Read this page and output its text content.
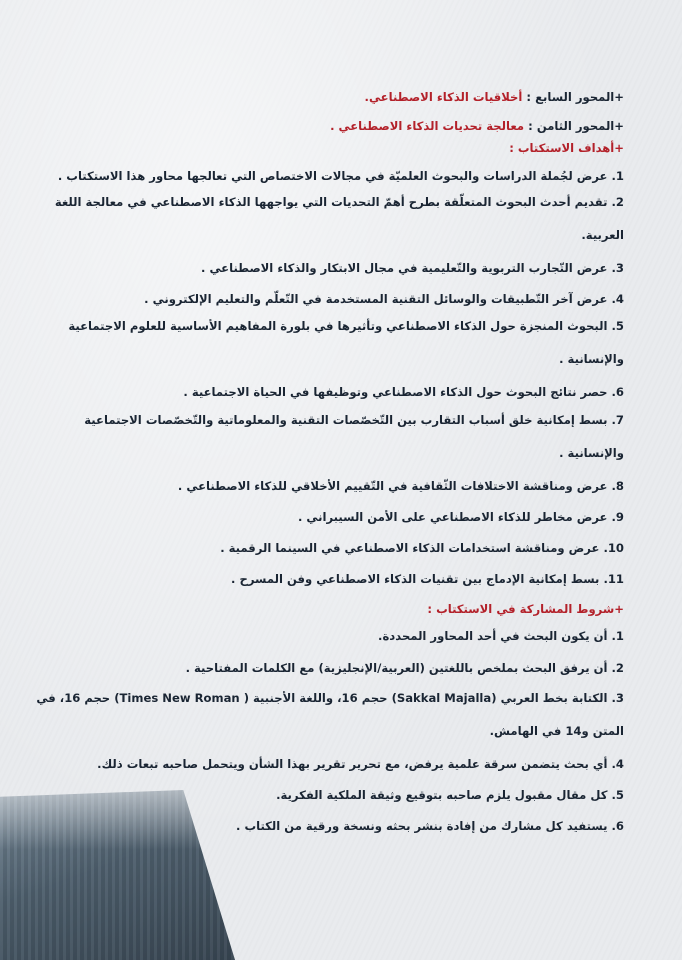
+المحور السابع : أخلاقيات الذكاء الاصطناعي.
+المحور الثامن : معالجة تحديات الذكاء الاصطناعي .
+أهداف الاستكتاب :
1. عرض لجُملة الدراسات والبحوث العلميّة في مجالات الاختصاص التي تعالجها محاور هذا الاستكتاب .
2. تقديم أحدث البحوث المتعلّقة بطرح أهمّ التحديات التي يواجهها الذكاء الاصطناعي في معالجة اللغة العربية.
3. عرض التّجارب التربوية والتّعليمية في مجال الابتكار والذكاء الاصطناعي .
4. عرض آخر التّطبيقات والوسائل التقنية المستخدمة في التّعلّم والتعليم الإلكتروني .
5. البحوث المنجزة حول الذكاء الاصطناعي وتأثيرها في بلورة المفاهيم الأساسية للعلوم الاجتماعية والإنسانية .
6. حصر نتائج البحوث حول الذكاء الاصطناعي وتوظيفها في الحياة الاجتماعية .
7. بسط إمكانية خلق أسباب التقارب بين التّخصّصات التقنية والمعلوماتية والتّخصّصات الاجتماعية والإنسانية .
8. عرض ومناقشة الاختلافات الثّقافية في التّقييم الأخلاقي للذكاء الاصطناعي .
9. عرض مخاطر للذكاء الاصطناعي على الأمن السيبراني .
10. عرض ومناقشة استخدامات الذكاء الاصطناعي في السينما الرقمية .
11. بسط إمكانية الإدماج بين تقنيات الذكاء الاصطناعي وفن المسرح .
+شروط المشاركة في الاستكتاب :
1. أن يكون البحث في أحد المحاور المحددة.
2. أن يرفق البحث بملخص باللغتين (العربية/الإنجليزية) مع الكلمات المفتاحية .
3. الكتابة بخط العربي (Sakkal Majalla) حجم 16، واللغة الأجنبية ( Times New Roman) حجم 16، في المتن و14 في الهامش.
4. أي بحث يتضمن سرقة علمية يرفض، مع تحرير تقرير بهذا الشأن ويتحمل صاحبه تبعات ذلك.
5. كل مقال مقبول يلزم صاحبه بتوقيع وثيقة الملكية الفكرية.
6. يستفيد كل مشارك من إفادة بنشر بحثه ونسخة ورقية من الكتاب .
